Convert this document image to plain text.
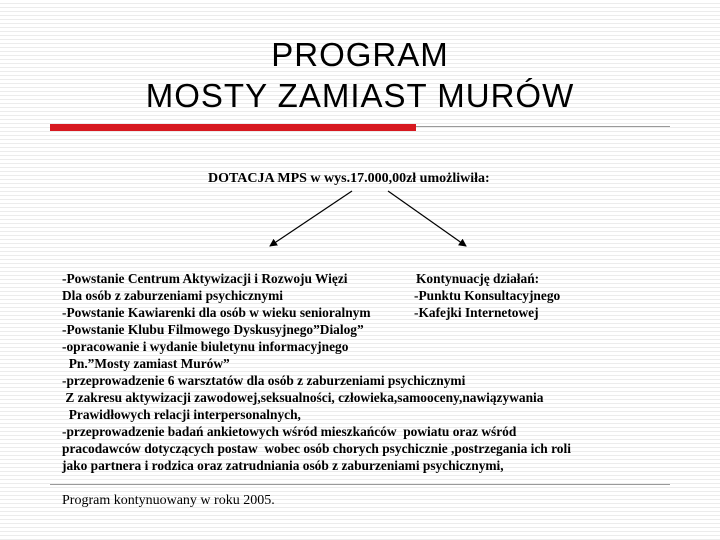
PROGRAM
MOSTY ZAMIAST MURÓW
DOTACJA MPS w wys.17.000,00zł umożliwiła:
-Powstanie Centrum Aktywizacji i Rozwoju Więzi
Dla osób z zaburzeniami psychicznymi
-Powstanie Kawiarenki dla osób w wieku senioralnym
-Powstanie Klubu Filmowego Dyskusyjnego”Dialog”
-opracowanie i wydanie biuletynu informacyjnego
Pn.”Mosty zamiast Murów”
Kontynuację działań:
-Punktu Konsultacyjnego
-Kafejki Internetowej
-przeprowadzenie 6 warsztatów dla osób z zaburzeniami psychicznymi
Z zakresu aktywizacji zawodowej,seksualności, człowieka,samooceny,nawiązywania
Prawidłowych relacji interpersonalnych,
-przeprowadzenie badań ankietowych wśród mieszkańców  powiatu oraz wśród
pracodawców dotyczących postaw  wobec osób chorych psychicznie ,postrzegania ich roli
jako partnera i rodzica oraz zatrudniania osób z zaburzeniami psychicznymi,
Program kontynuowany w roku 2005.
